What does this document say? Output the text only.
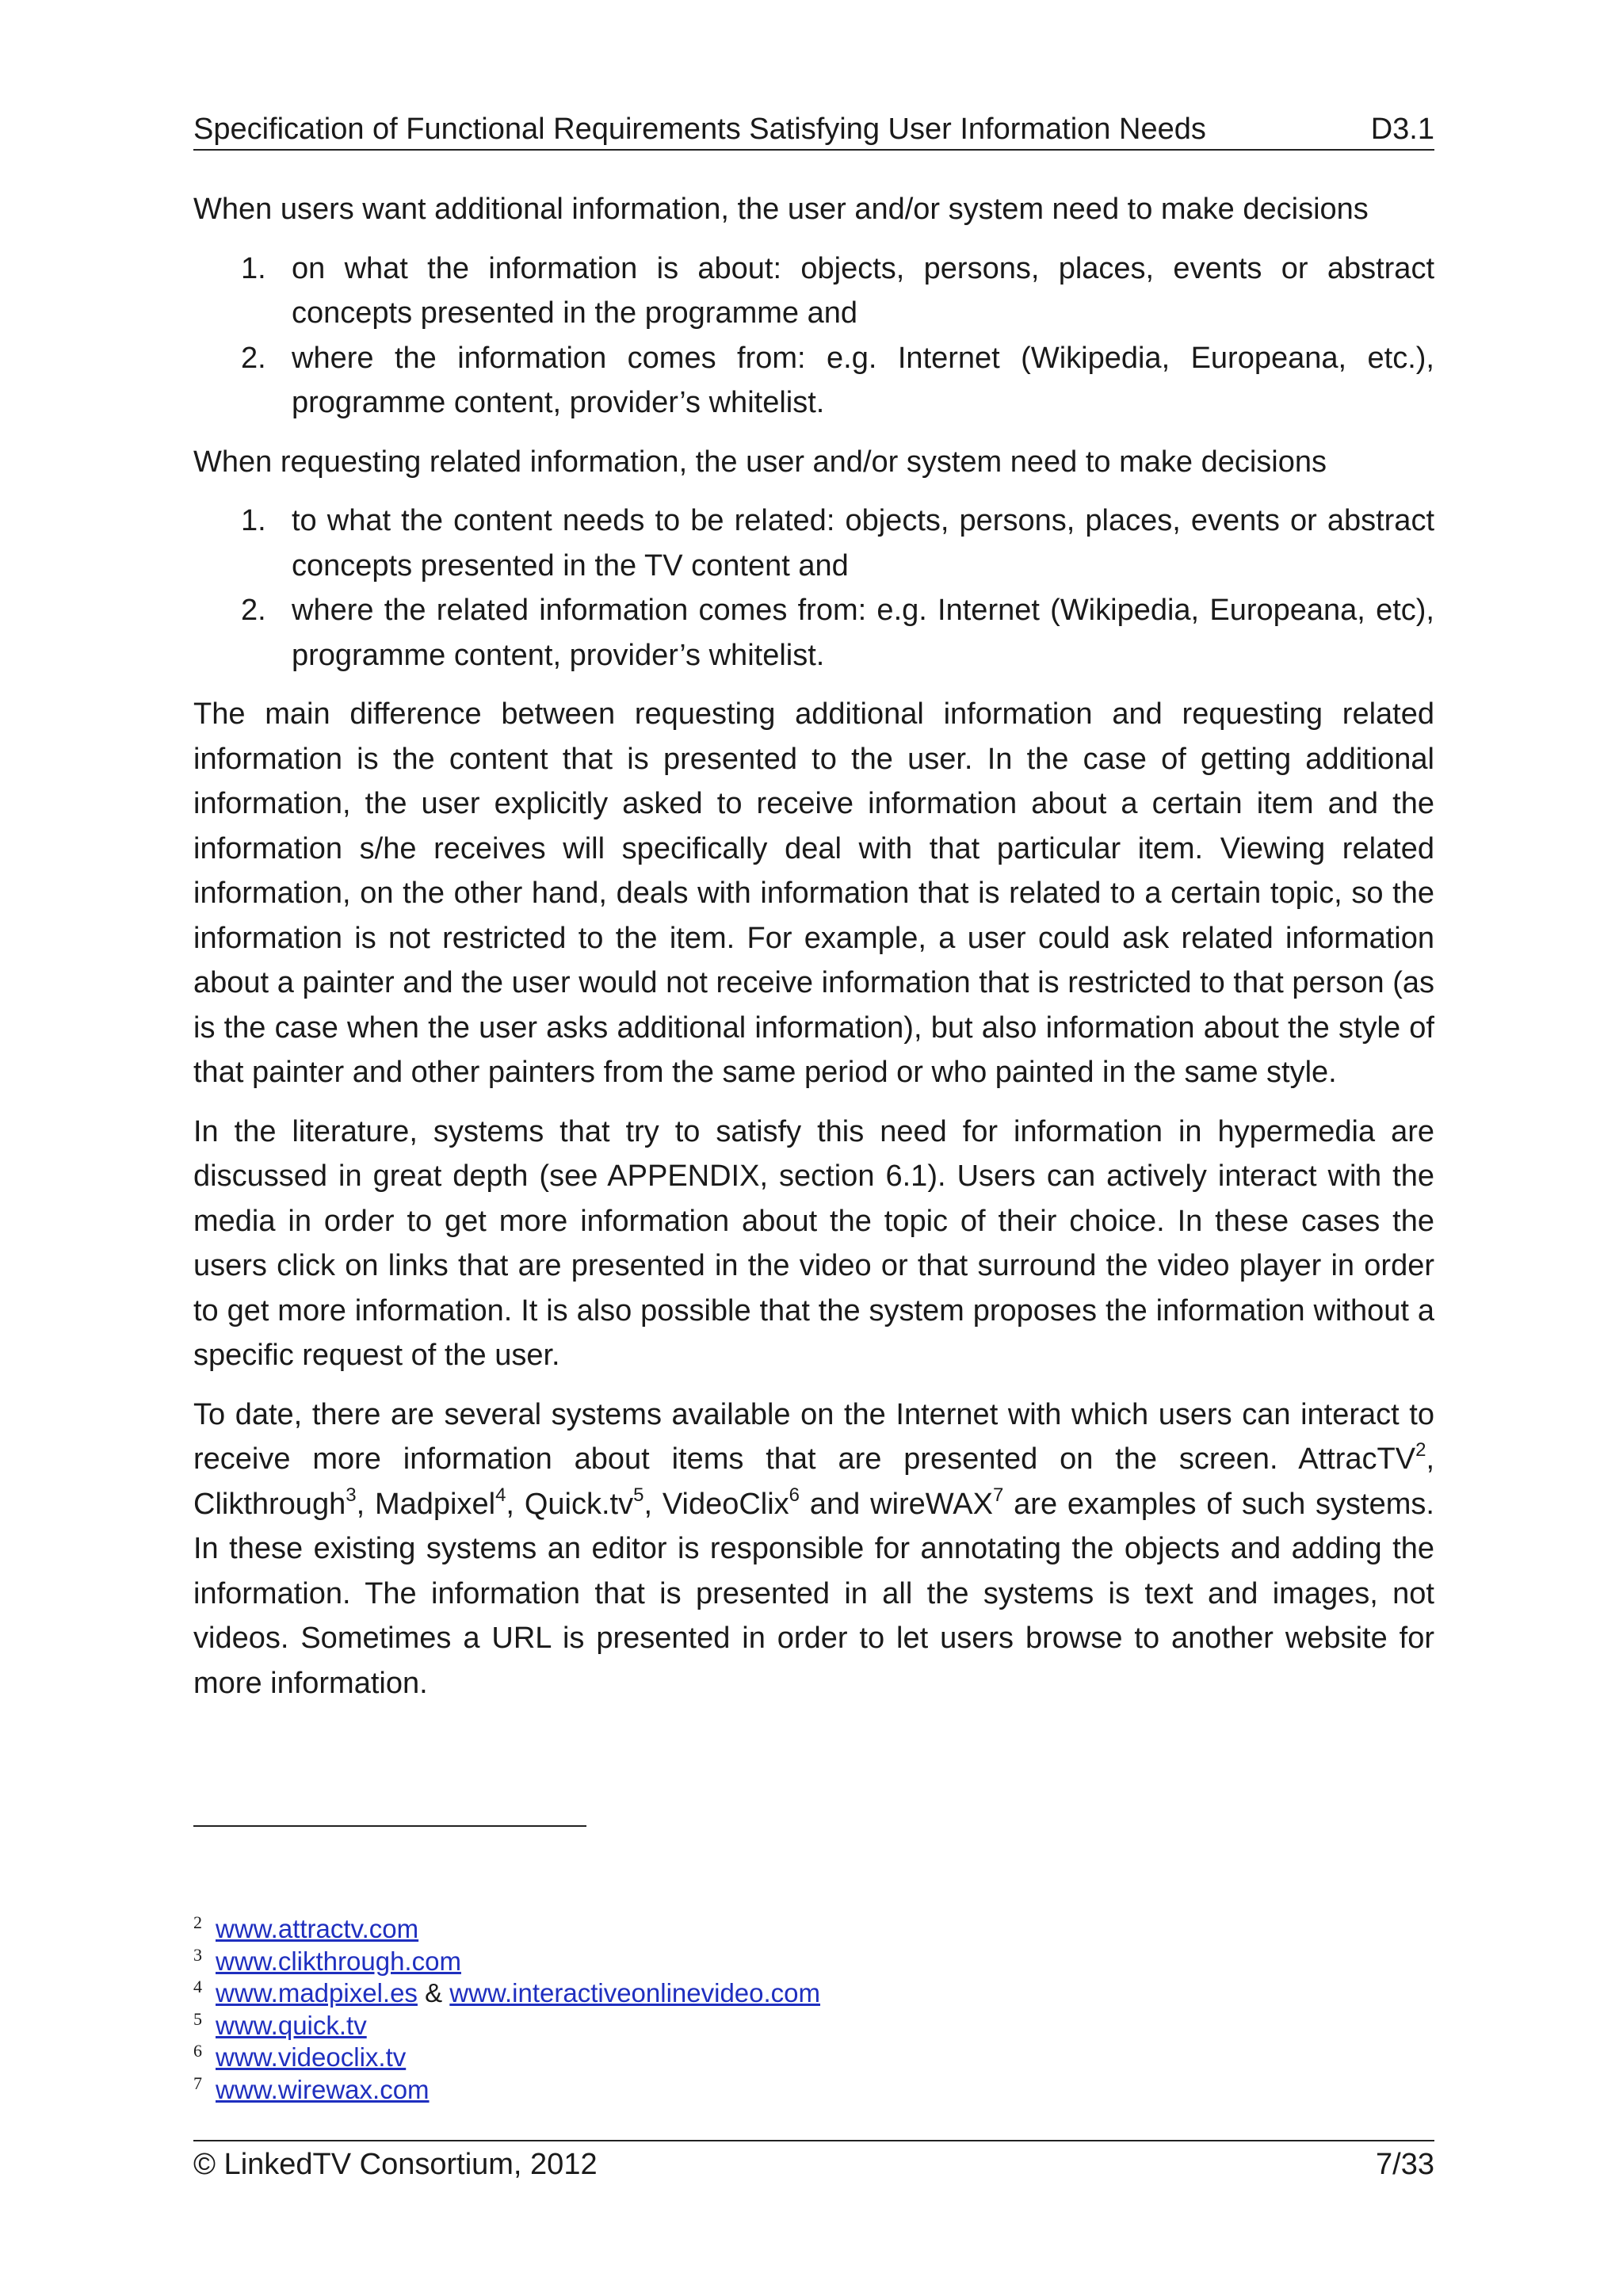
Specification of Functional Requirements Satisfying User Information Needs	D3.1

When users want additional information, the user and/or system need to make decisions

1. on what the information is about: objects, persons, places, events or abstract concepts presented in the programme and
2. where the information comes from: e.g. Internet (Wikipedia, Europeana, etc.), programme content, provider’s whitelist.

When requesting related information, the user and/or system need to make decisions

1. to what the content needs to be related: objects, persons, places, events or abstract concepts presented in the TV content and
2. where the related information comes from: e.g. Internet (Wikipedia, Europeana, etc), programme content, provider’s whitelist.

The main difference between requesting additional information and requesting related information is the content that is presented to the user. In the case of getting additional information, the user explicitly asked to receive information about a certain item and the information s/he receives will specifically deal with that particular item. Viewing related information, on the other hand, deals with information that is related to a certain topic, so the information is not restricted to the item. For example, a user could ask related information about a painter and the user would not receive information that is restricted to that person (as is the case when the user asks additional information), but also information about the style of that painter and other painters from the same period or who painted in the same style.

In the literature, systems that try to satisfy this need for information in hypermedia are discussed in great depth (see APPENDIX, section 6.1). Users can actively interact with the media in order to get more information about the topic of their choice. In these cases the users click on links that are presented in the video or that surround the video player in order to get more information. It is also possible that the system proposes the information without a specific request of the user.

To date, there are several systems available on the Internet with which users can interact to receive more information about items that are presented on the screen. AttracTV$^2$, Clikthrough$^3$, Madpixel$^4$, $Quick.tv^5$, VideoClix$^6$ and wireWAX$^7$ are examples of such systems. In these existing systems an editor is responsible for annotating the objects and adding the information. The information that is presented in all the systems is text and images, not videos. Sometimes a URL is presented in order to let users browse to another website for more information.

2 www.attractv.com
3 www.clikthrough.com
4 www.madpixel.es & www.interactiveonlinevideo.com
5 www.quick.tv
6 www.videoclix.tv
7 www.wirewax.com
© LinkedTV Consortium, 2012	7/33
